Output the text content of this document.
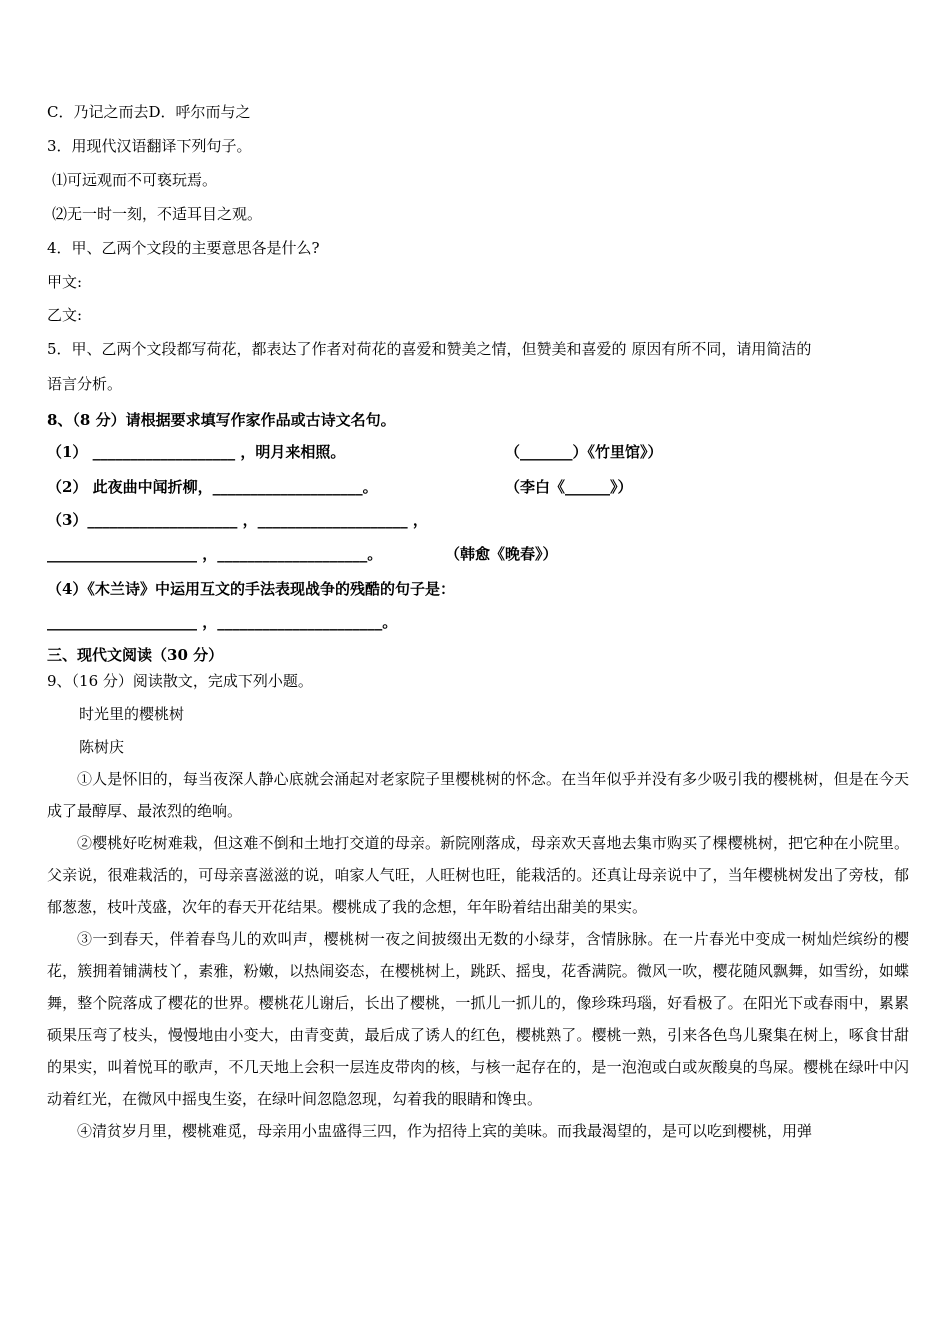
C．乃记之而去D．呼尔而与之
3．用现代汉语翻译下列句子。
⑴可远观而不可亵玩焉。
⑵无一时一刻，不适耳目之观。
4．甲、乙两个文段的主要意思各是什么?
甲文:
乙文:
5．甲、乙两个文段都写荷花，都表达了作者对荷花的喜爱和赞美之情，但赞美和喜爱的 原因有所不同，请用简洁的
语言分析。
8、（8 分）请根据要求填写作家作品或古诗文名句。
（1） ___________________ ，明月来相照。	（_______）《竹里馆》）
（2） 此夜曲中闻折柳，____________________。	（李白《______》）
（3）____________________ ，____________________ ，
____________________ ，____________________。	（韩愈《晚春》）
（4）《木兰诗》中运用互文的手法表现战争的残酷的句子是：
____________________ ，______________________。
三、现代文阅读（30 分）
9、（16 分）阅读散文，完成下列小题。
时光里的樱桃树
陈树庆

①人是怀旧的，每当夜深人静心底就会涌起对老家院子里樱桃树的怀念。在当年似乎并没有多少吸引我的樱桃树，但是在今天成了最醇厚、最浓烈的绝响。

②樱桃好吃树难栽，但这难不倒和土地打交道的母亲。新院刚落成，母亲欢天喜地去集市购买了棵樱桃树，把它种在小院里。父亲说，很难栽活的，可母亲喜滋滋的说，咱家人气旺，人旺树也旺，能栽活的。还真让母亲说中了，当年樱桃树发出了旁枝，郁郁葱葱，枝叶茂盛，次年的春天开花结果。樱桃成了我的念想，年年盼着结出甜美的果实。

③一到春天，伴着春鸟儿的欢叫声，樱桃树一夜之间披缀出无数的小绿芽，含情脉脉。在一片春光中变成一树灿烂缤纷的樱花，簇拥着铺满枝丫，素雅，粉嫩，以热闹姿态，在樱桃树上，跳跃、摇曳，花香满院。微风一吹，樱花随风飘舞，如雪纷，如蝶舞，整个院落成了樱花的世界。樱桃花儿谢后，长出了樱桃，一抓儿一抓儿的，像珍珠玛瑙，好看极了。在阳光下或春雨中，累累硕果压弯了枝头，慢慢地由小变大，由青变黄，最后成了诱人的红色，樱桃熟了。樱桃一熟，引来各色鸟儿聚集在树上，啄食甘甜的果实，叫着悦耳的歌声，不几天地上会积一层连皮带肉的核，与核一起存在的，是一泡泡或白或灰酸臭的鸟屎。樱桃在绿叶中闪动着红光，在微风中摇曳生姿，在绿叶间忽隐忽现，勾着我的眼睛和馋虫。

④清贫岁月里，樱桃难觅，母亲用小盅盛得三四，作为招待上宾的美味。而我最渴望的，是可以吃到樱桃，用弹
